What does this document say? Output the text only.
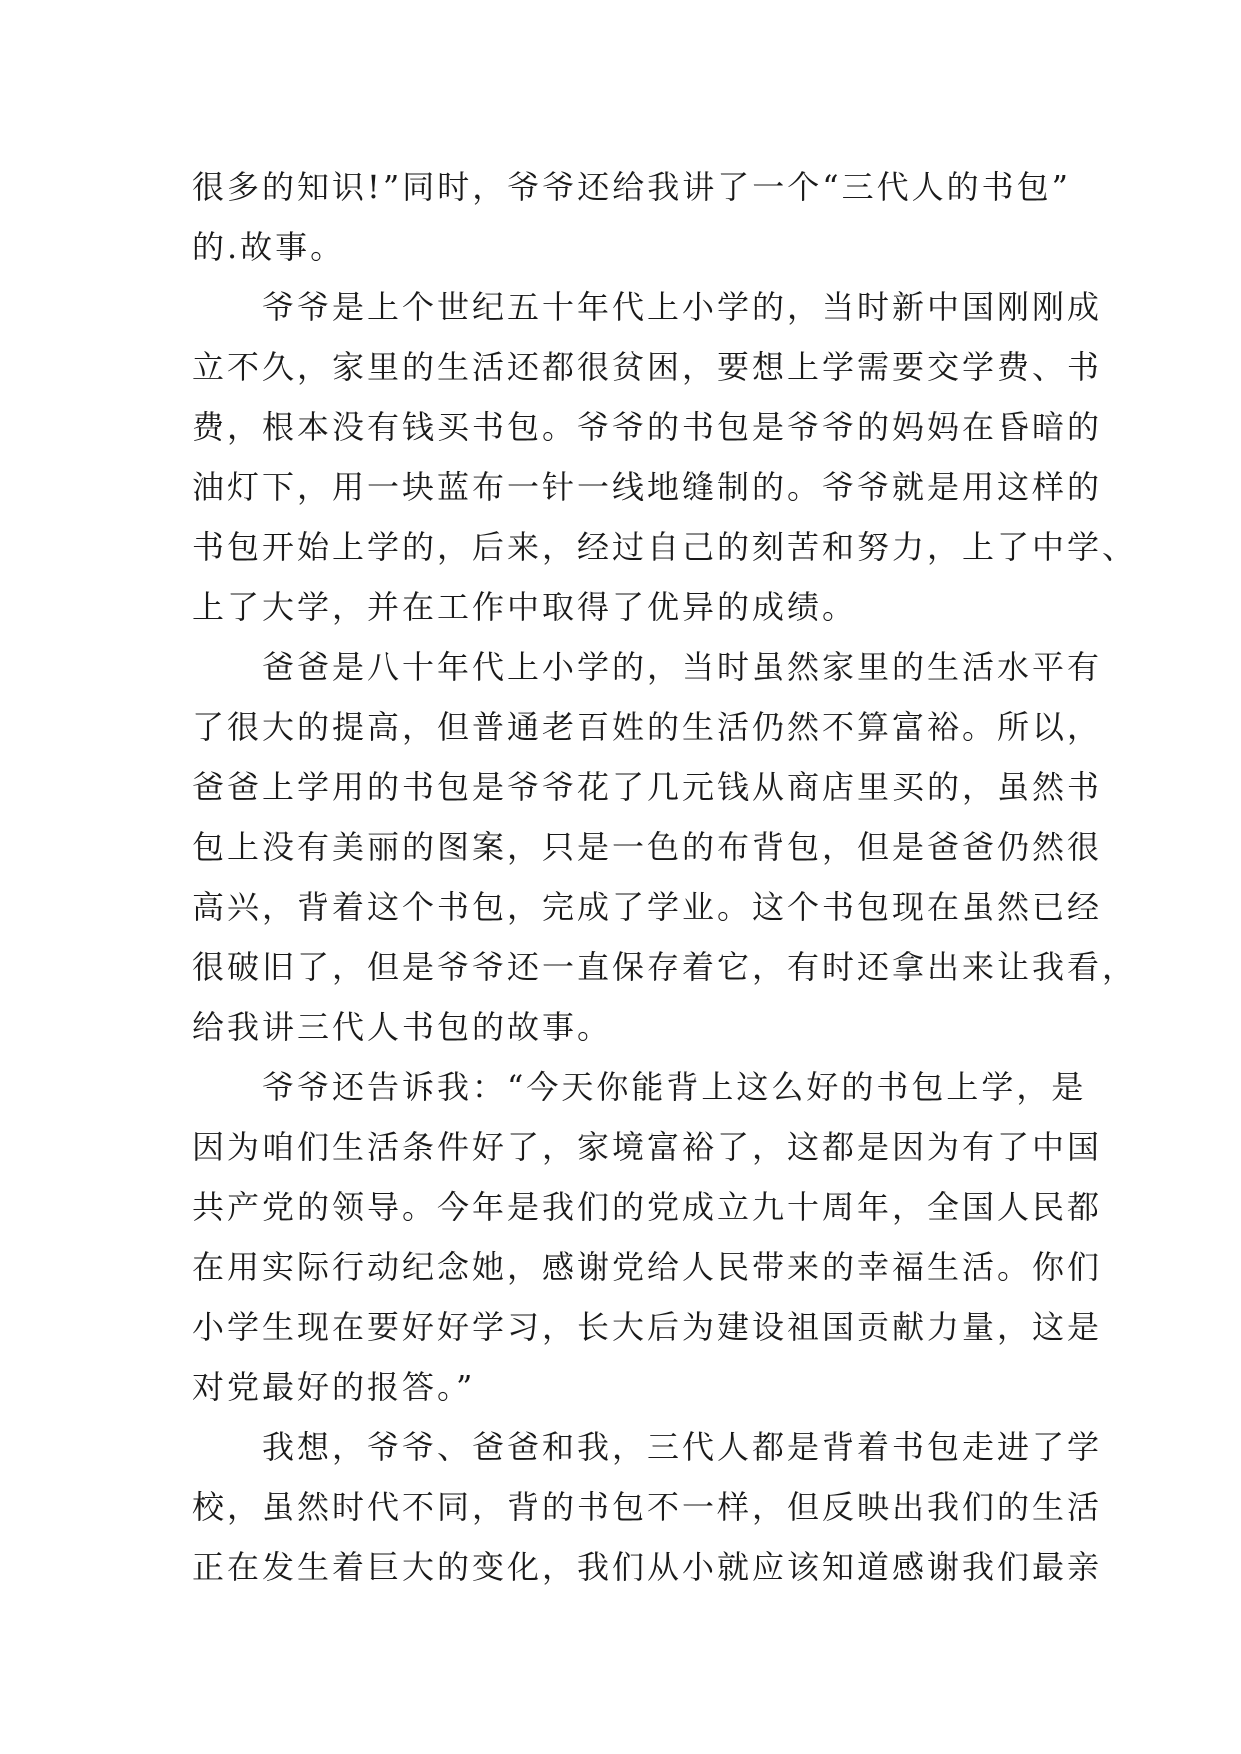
很多的知识!”同时，爷爷还给我讲了一个“三代人的书包”
的.故事。
爷爷是上个世纪五十年代上小学的，当时新中国刚刚成
立不久，家里的生活还都很贫困，要想上学需要交学费、书
费，根本没有钱买书包。爷爷的书包是爷爷的妈妈在昏暗的
油灯下，用一块蓝布一针一线地缝制的。爷爷就是用这样的
书包开始上学的，后来，经过自己的刻苦和努力，上了中学、
上了大学，并在工作中取得了优异的成绩。
爸爸是八十年代上小学的，当时虽然家里的生活水平有
了很大的提高，但普通老百姓的生活仍然不算富裕。所以，
爸爸上学用的书包是爷爷花了几元钱从商店里买的，虽然书
包上没有美丽的图案，只是一色的布背包，但是爸爸仍然很
高兴，背着这个书包，完成了学业。这个书包现在虽然已经
很破旧了，但是爷爷还一直保存着它，有时还拿出来让我看，
给我讲三代人书包的故事。
爷爷还告诉我：“今天你能背上这么好的书包上学，是
因为咱们生活条件好了，家境富裕了，这都是因为有了中国
共产党的领导。今年是我们的党成立九十周年，全国人民都
在用实际行动纪念她，感谢党给人民带来的幸福生活。你们
小学生现在要好好学习，长大后为建设祖国贡献力量，这是
对党最好的报答。”
我想，爷爷、爸爸和我，三代人都是背着书包走进了学
校，虽然时代不同，背的书包不一样，但反映出我们的生活
正在发生着巨大的变化，我们从小就应该知道感谢我们最亲
